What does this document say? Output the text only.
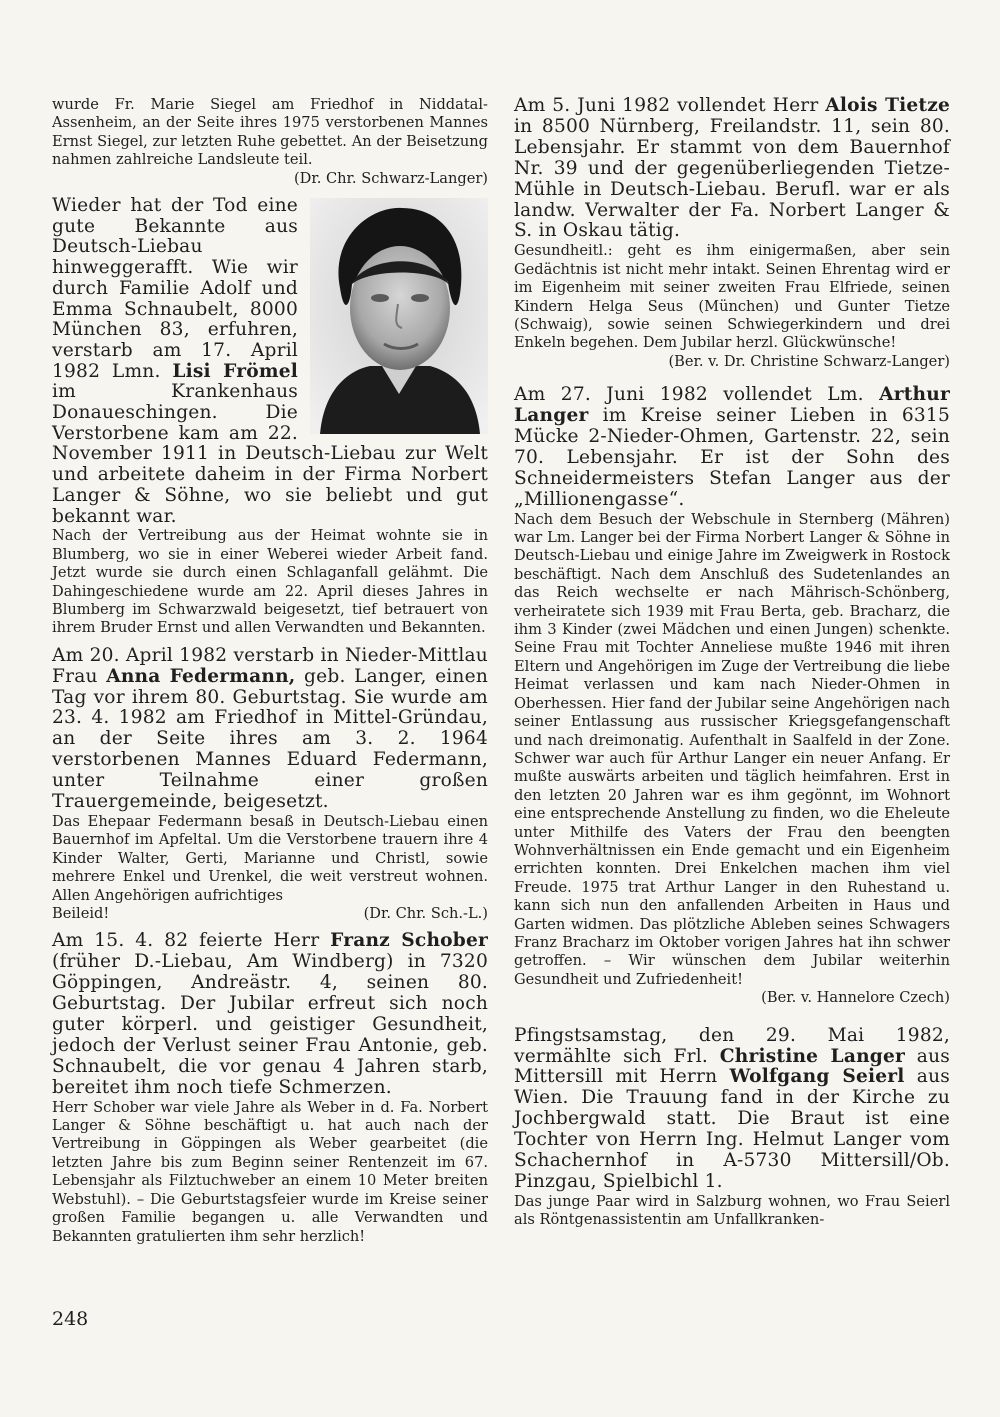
wurde Fr. Marie Siegel am Friedhof in Niddatal-Assenheim, an der Seite ihres 1975 verstorbenen Mannes Ernst Siegel, zur letzten Ruhe gebettet. An der Beisetzung nahmen zahlreiche Landsleute teil.

(Dr. Chr. Schwarz-Langer)

Wieder hat der Tod eine gute Bekannte aus Deutsch-Liebau hinweggerafft. Wie wir durch Familie Adolf und Emma Schnaubelt, 8000 München 83, erfuhren, verstarb am 17. April 1982 Lmn. Lisi Frömel im Krankenhaus Donaueschingen. Die Verstorbene kam am 22. November 1911 in Deutsch-Liebau zur Welt und arbeitete daheim in der Firma Norbert Langer & Söhne, wo sie beliebt und gut bekannt war.

Nach der Vertreibung aus der Heimat wohnte sie in Blumberg, wo sie in einer Weberei wieder Arbeit fand. Jetzt wurde sie durch einen Schlaganfall gelähmt. Die Dahingeschiedene wurde am 22. April dieses Jahres in Blumberg im Schwarzwald beigesetzt, tief betrauert von ihrem Bruder Ernst und allen Verwandten und Bekannten.

Am 20. April 1982 verstarb in Nieder-Mittlau Frau Anna Federmann, geb. Langer, einen Tag vor ihrem 80. Geburtstag. Sie wurde am 23. 4. 1982 am Friedhof in Mittel-Gründau, an der Seite ihres am 3. 2. 1964 verstorbenen Mannes Eduard Federmann, unter Teilnahme einer großen Trauergemeinde, beigesetzt.

Das Ehepaar Federmann besaß in Deutsch-Liebau einen Bauernhof im Apfeltal. Um die Verstorbene trauern ihre 4 Kinder Walter, Gerti, Marianne und Christl, sowie mehrere Enkel und Urenkel, die weit verstreut wohnen. Allen Angehörigen aufrichtiges

Beileid!	(Dr. Chr. Sch.-L.)

Am 15. 4. 82 feierte Herr Franz Schober (früher D.-Liebau, Am Windberg) in 7320 Göppingen, Andreästr. 4, seinen 80. Geburtstag. Der Jubilar erfreut sich noch guter körperl. und geistiger Gesundheit, jedoch der Verlust seiner Frau Antonie, geb. Schnaubelt, die vor genau 4 Jahren starb, bereitet ihm noch tiefe Schmerzen.

Herr Schober war viele Jahre als Weber in d. Fa. Norbert Langer & Söhne beschäftigt u. hat auch nach der Vertreibung in Göppingen als Weber gearbeitet (die letzten Jahre bis zum Beginn seiner Rentenzeit im 67. Lebensjahr als Filztuchweber an einem 10 Meter breiten Webstuhl). – Die Geburtstagsfeier wurde im Kreise seiner großen Familie begangen u. alle Verwandten und Bekannten gratulierten ihm sehr herzlich!

Am 5. Juni 1982 vollendet Herr Alois Tietze in 8500 Nürnberg, Freilandstr. 11, sein 80. Lebensjahr. Er stammt von dem Bauernhof Nr. 39 und der gegenüberliegenden Tietze-Mühle in Deutsch-Liebau. Berufl. war er als landw. Verwalter der Fa. Norbert Langer & S. in Oskau tätig.

Gesundheitl.: geht es ihm einigermaßen, aber sein Gedächtnis ist nicht mehr intakt. Seinen Ehrentag wird er im Eigenheim mit seiner zweiten Frau Elfriede, seinen Kindern Helga Seus (München) und Gunter Tietze (Schwaig), sowie seinen Schwiegerkindern und drei Enkeln begehen. Dem Jubilar herzl. Glückwünsche!

(Ber. v. Dr. Christine Schwarz-Langer)

Am 27. Juni 1982 vollendet Lm. Arthur Langer im Kreise seiner Lieben in 6315 Mücke 2-Nieder-Ohmen, Gartenstr. 22, sein 70. Lebensjahr. Er ist der Sohn des Schneidermeisters Stefan Langer aus der „Millionengasse“.

Nach dem Besuch der Webschule in Sternberg (Mähren) war Lm. Langer bei der Firma Norbert Langer & Söhne in Deutsch-Liebau und einige Jahre im Zweigwerk in Rostock beschäftigt. Nach dem Anschluß des Sudetenlandes an das Reich wechselte er nach Mährisch-Schönberg, verheiratete sich 1939 mit Frau Berta, geb. Bracharz, die ihm 3 Kinder (zwei Mädchen und einen Jungen) schenkte. Seine Frau mit Tochter Anneliese mußte 1946 mit ihren Eltern und Angehörigen im Zuge der Vertreibung die liebe Heimat verlassen und kam nach Nieder-Ohmen in Oberhessen. Hier fand der Jubilar seine Angehörigen nach seiner Entlassung aus russischer Kriegsgefangenschaft und nach dreimonatig. Aufenthalt in Saalfeld in der Zone. Schwer war auch für Arthur Langer ein neuer Anfang. Er mußte auswärts arbeiten und täglich heimfahren. Erst in den letzten 20 Jahren war es ihm gegönnt, im Wohnort eine entsprechende Anstellung zu finden, wo die Eheleute unter Mithilfe des Vaters der Frau den beengten Wohnverhältnissen ein Ende gemacht und ein Eigenheim errichten konnten. Drei Enkelchen machen ihm viel Freude. 1975 trat Arthur Langer in den Ruhestand u. kann sich nun den anfallenden Arbeiten in Haus und Garten widmen. Das plötzliche Ableben seines Schwagers Franz Bracharz im Oktober vorigen Jahres hat ihn schwer getroffen. – Wir wünschen dem Jubilar weiterhin Gesundheit und Zufriedenheit!

(Ber. v. Hannelore Czech)

Pfingstsamstag, den 29. Mai 1982, vermählte sich Frl. Christine Langer aus Mittersill mit Herrn Wolfgang Seierl aus Wien. Die Trauung fand in der Kirche zu Jochbergwald statt. Die Braut ist eine Tochter von Herrn Ing. Helmut Langer vom Schachernhof in A-5730 Mittersill/Ob. Pinzgau, Spielbichl 1.

Das junge Paar wird in Salzburg wohnen, wo Frau Seierl als Röntgenassistentin am Unfallkranken-

248
